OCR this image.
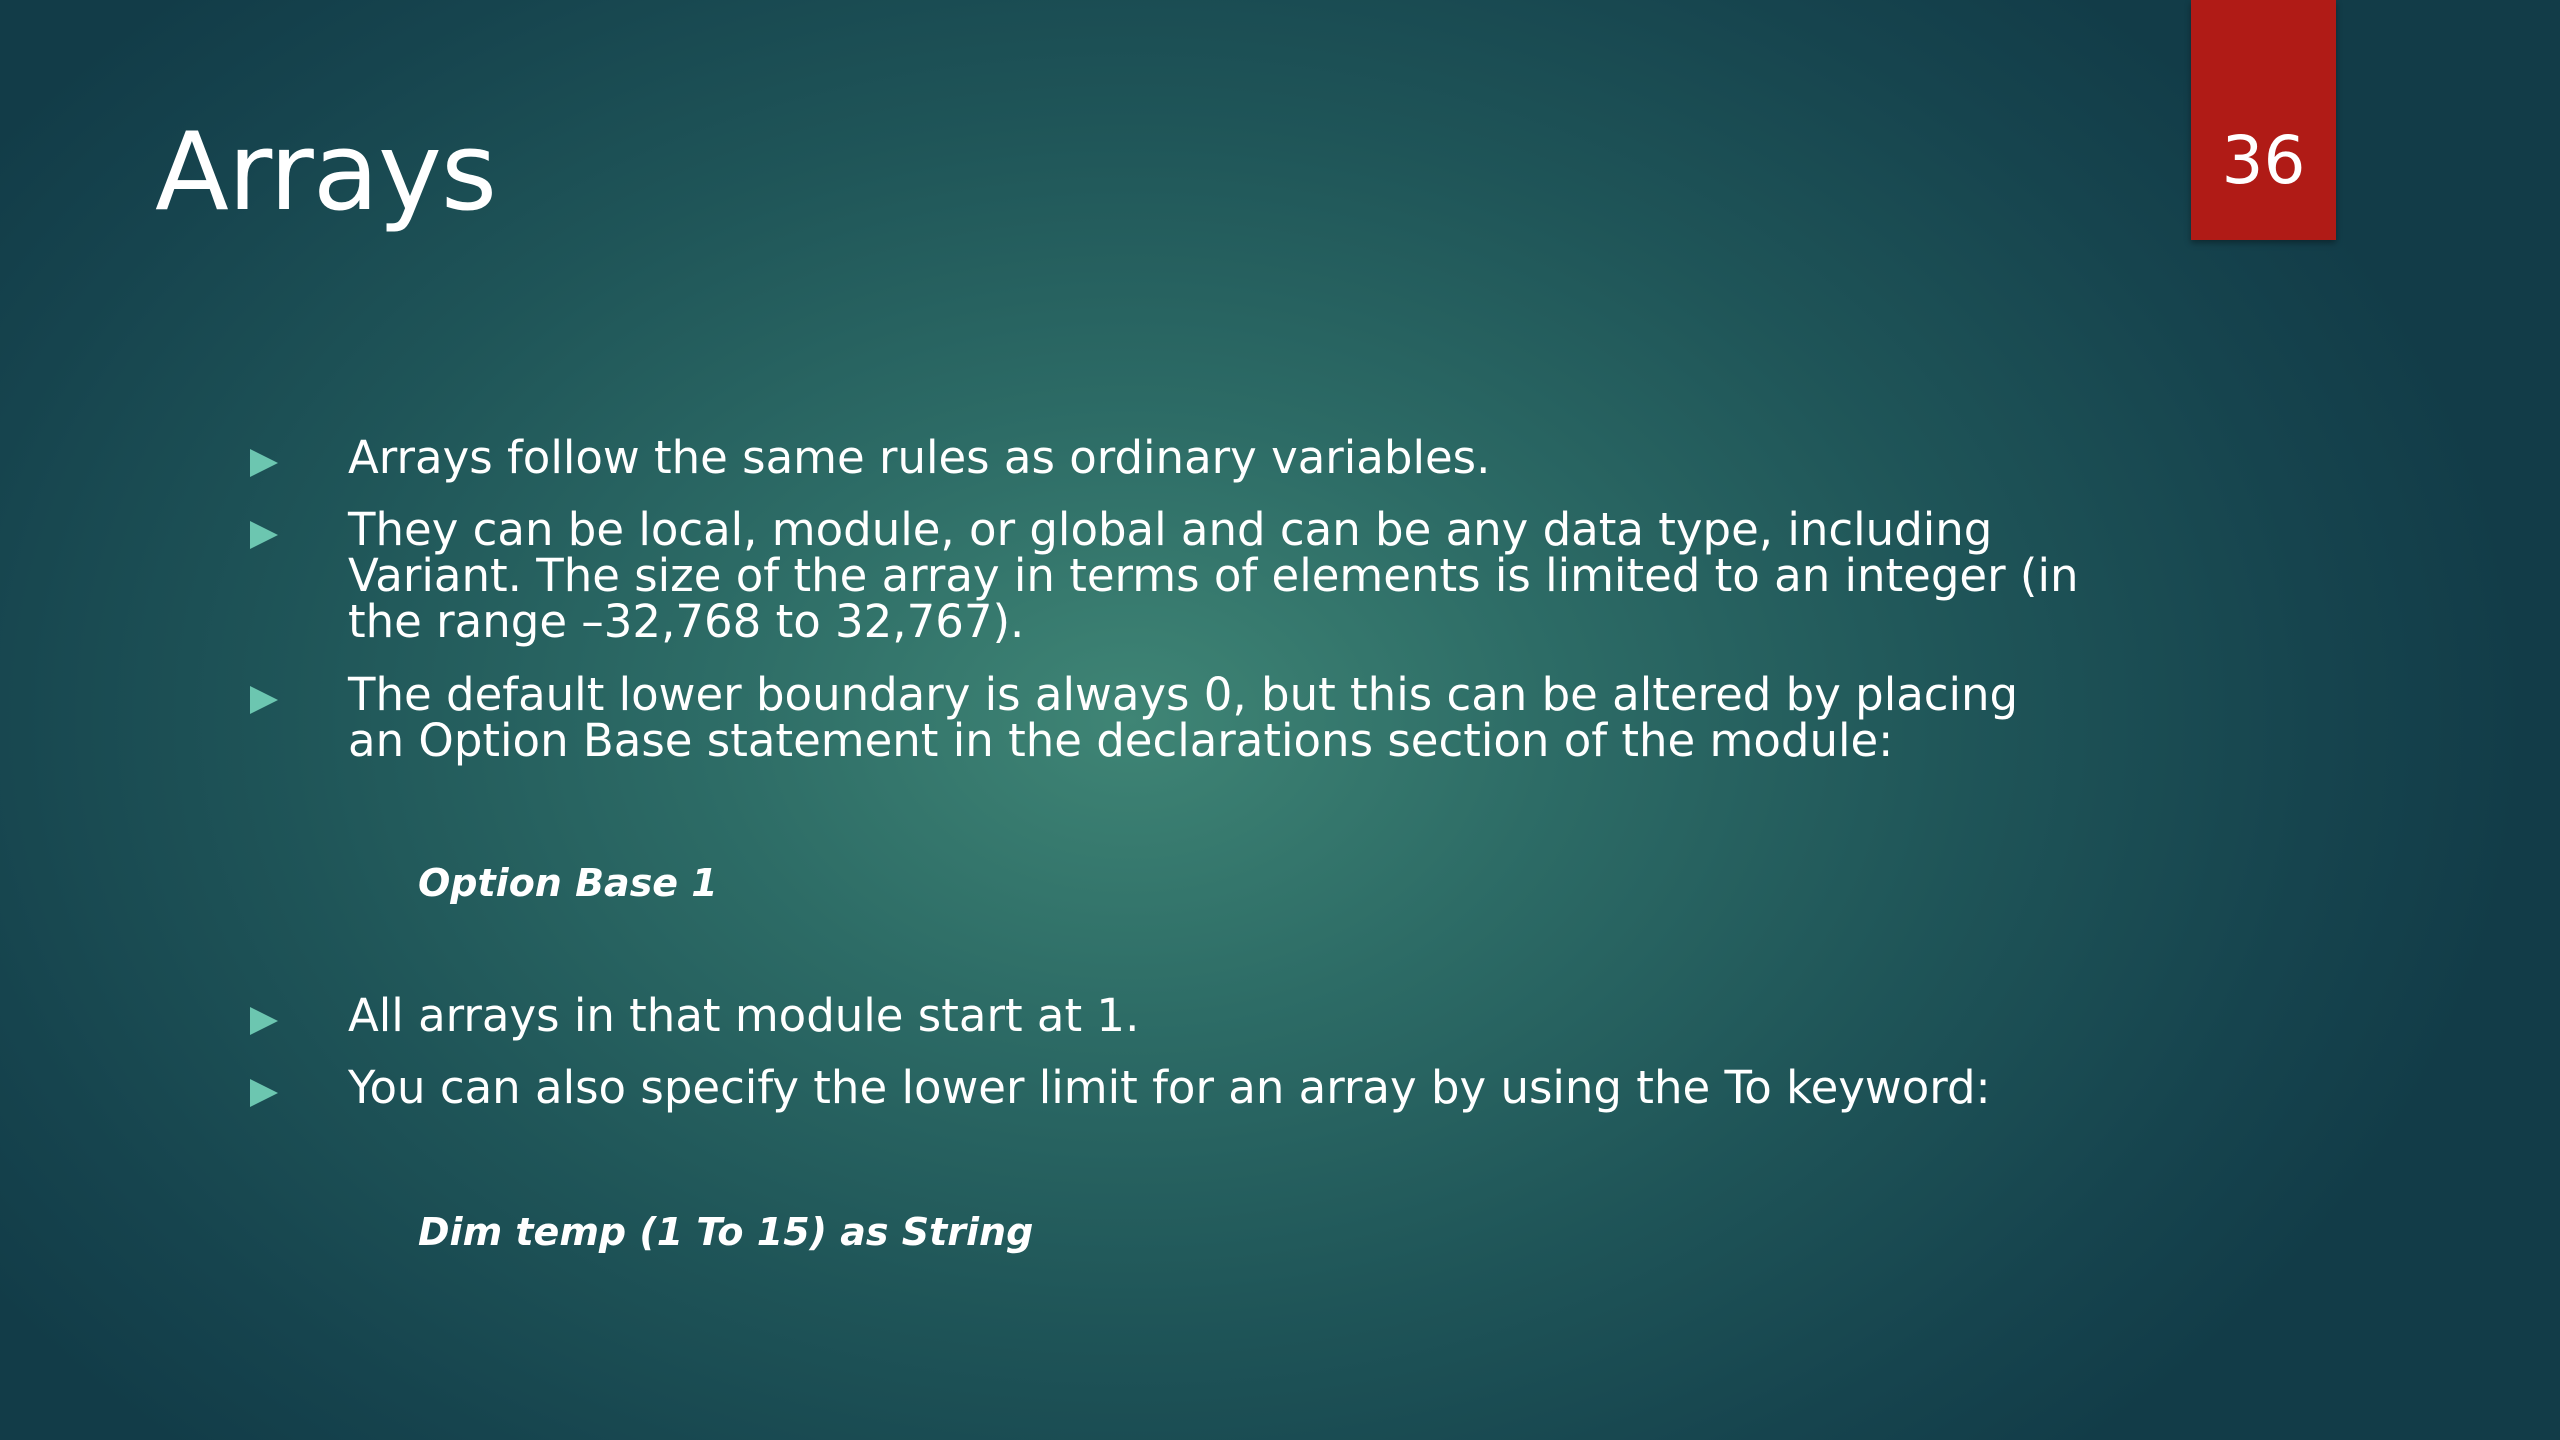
Arrays	36
Arrays follow the same rules as ordinary variables.
They can be local, module, or global and can be any data type, including
Variant. The size of the array in terms of elements is limited to an integer (in
the range –32,768 to 32,767).
The default lower boundary is always 0, but this can be altered by placing
an Option Base statement in the declarations section of the module:
Option Base 1
All arrays in that module start at 1.
You can also specify the lower limit for an array by using the To keyword:
Dim temp (1 To 15) as String
